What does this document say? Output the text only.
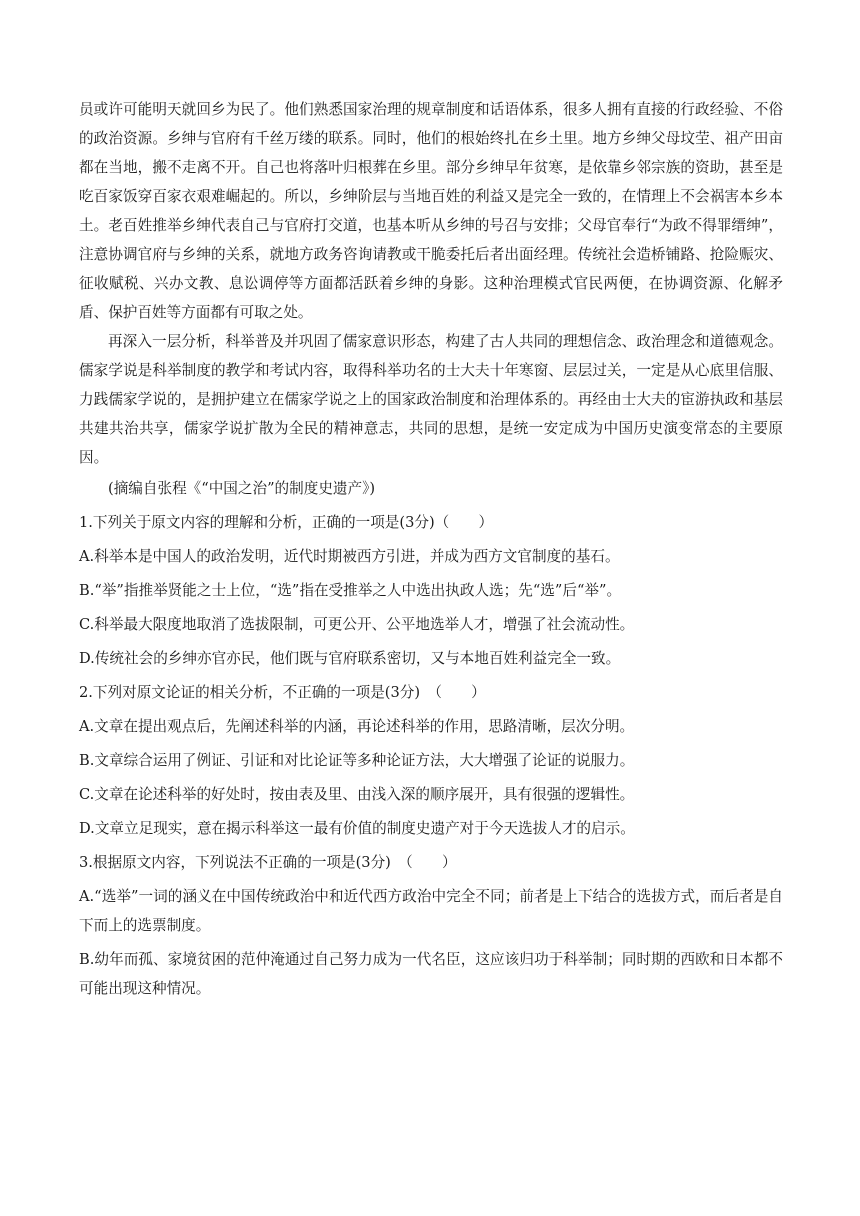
员或许可能明天就回乡为民了。他们熟悉国家治理的规章制度和话语体系，很多人拥有直接的行政经验、不俗的政治资源。乡绅与官府有千丝万缕的联系。同时，他们的根始终扎在乡土里。地方乡绅父母坟茔、祖产田亩都在当地，搬不走离不开。自己也将落叶归根葬在乡里。部分乡绅早年贫寒，是依靠乡邻宗族的资助，甚至是吃百家饭穿百家衣艰难崛起的。所以，乡绅阶层与当地百姓的利益又是完全一致的，在情理上不会祸害本乡本土。老百姓推举乡绅代表自己与官府打交道，也基本听从乡绅的号召与安排；父母官奉行“为政不得罪缙绅”，注意协调官府与乡绅的关系，就地方政务咨询请教或干脆委托后者出面经理。传统社会造桥铺路、抢险赈灾、征收赋税、兴办文教、息讼调停等方面都活跃着乡绅的身影。这种治理模式官民两便，在协调资源、化解矛盾、保护百姓等方面都有可取之处。

再深入一层分析，科举普及并巩固了儒家意识形态，构建了古人共同的理想信念、政治理念和道德观念。儒家学说是科举制度的教学和考试内容，取得科举功名的士大夫十年寒窗、层层过关，一定是从心底里信服、力践儒家学说的，是拥护建立在儒家学说之上的国家政治制度和治理体系的。再经由士大夫的宦游执政和基层共建共治共享，儒家学说扩散为全民的精神意志，共同的思想，是统一安定成为中国历史演变常态的主要原因。

(摘编自张程《“中国之治”的制度史遗产》)

1.下列关于原文内容的理解和分析，正确的一项是(3分)（　　）

A.科举本是中国人的政治发明，近代时期被西方引进，并成为西方文官制度的基石。

B.“举”指推举贤能之士上位，“选”指在受推举之人中选出执政人选；先“选”后“举”。

C.科举最大限度地取消了选拔限制，可更公开、公平地选举人才，增强了社会流动性。

D.传统社会的乡绅亦官亦民，他们既与官府联系密切，又与本地百姓利益完全一致。

2.下列对原文论证的相关分析，不正确的一项是(3分)　（　　）

A.文章在提出观点后，先阐述科举的内涵，再论述科举的作用，思路清晰，层次分明。

B.文章综合运用了例证、引证和对比论证等多种论证方法，大大增强了论证的说服力。

C.文章在论述科举的好处时，按由表及里、由浅入深的顺序展开，具有很强的逻辑性。

D.文章立足现实，意在揭示科举这一最有价值的制度史遗产对于今天选拔人才的启示。

3.根据原文内容，下列说法不正确的一项是(3分)　（　　）

A.“选举”一词的涵义在中国传统政治中和近代西方政治中完全不同；前者是上下结合的选拔方式，而后者是自下而上的选票制度。

B.幼年而孤、家境贫困的范仲淹通过自己努力成为一代名臣，这应该归功于科举制；同时期的西欧和日本都不可能出现这种情况。
